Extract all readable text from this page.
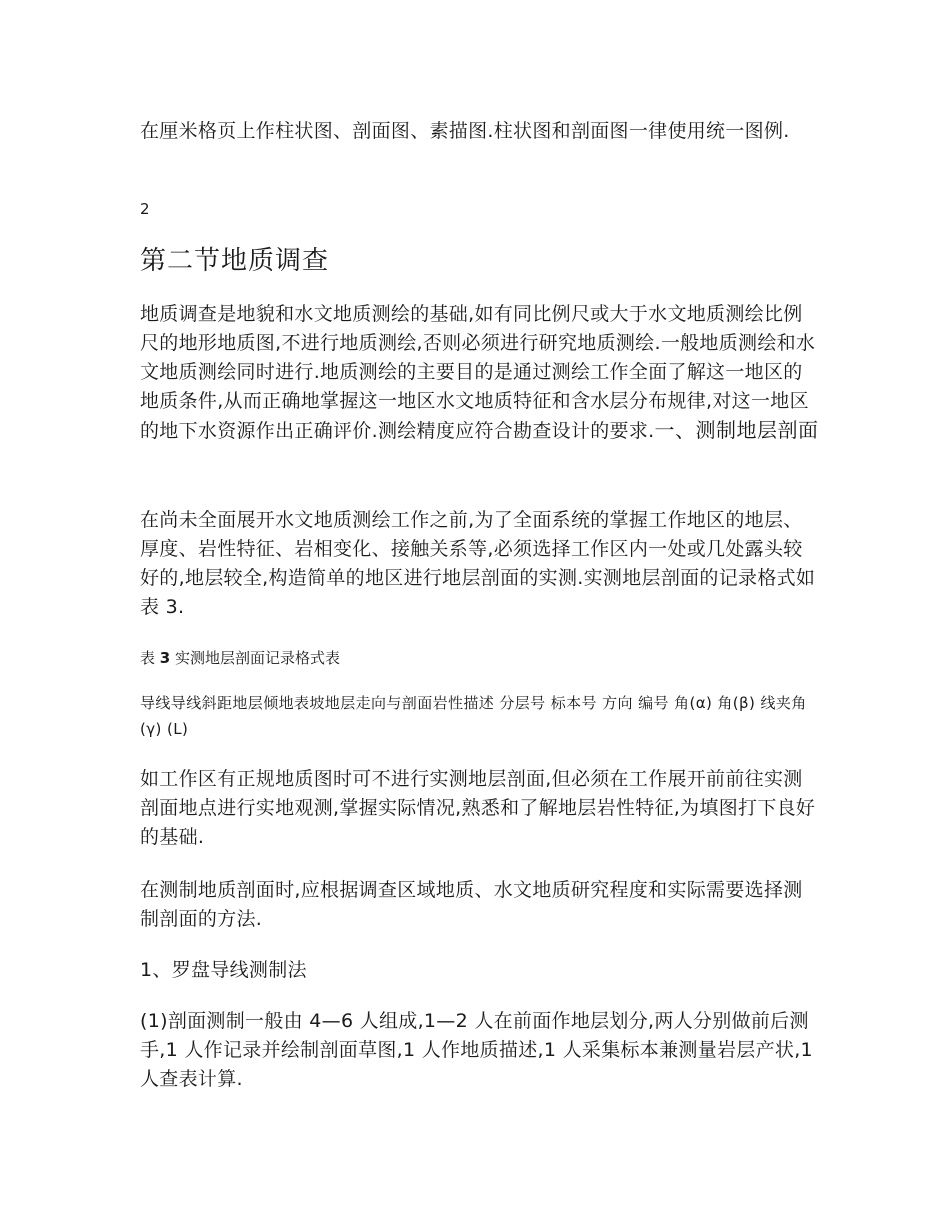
在厘米格页上作柱状图、剖面图、素描图.柱状图和剖面图一律使用统一图例.

2

第二节地质调查

地质调查是地貌和水文地质测绘的基础,如有同比例尺或大于水文地质测绘比例尺的地形地质图,不进行地质测绘,否则必须进行研究地质测绘.一般地质测绘和水文地质测绘同时进行.地质测绘的主要目的是通过测绘工作全面了解这一地区的地质条件,从而正确地掌握这一地区水文地质特征和含水层分布规律,对这一地区的地下水资源作出正确评价.测绘精度应符合勘查设计的要求.一、测制地层剖面

在尚未全面展开水文地质测绘工作之前,为了全面系统的掌握工作地区的地层、厚度、岩性特征、岩相变化、接触关系等,必须选择工作区内一处或几处露头较好的,地层较全,构造简单的地区进行地层剖面的实测.实测地层剖面的记录格式如表 3.

表 3 实测地层剖面记录格式表

导线导线斜距地层倾地表坡地层走向与剖面岩性描述 分层号 标本号 方向 编号 角(α) 角(β) 线夹角(γ) (L)

如工作区有正规地质图时可不进行实测地层剖面,但必须在工作展开前前往实测剖面地点进行实地观测,掌握实际情况,熟悉和了解地层岩性特征,为填图打下良好的基础.

在测制地质剖面时,应根据调查区域地质、水文地质研究程度和实际需要选择测制剖面的方法.

1、罗盘导线测制法

(1)剖面测制一般由 4—6 人组成,1—2 人在前面作地层划分,两人分别做前后测手,1 人作记录并绘制剖面草图,1 人作地质描述,1 人采集标本兼测量岩层产状,1 人查表计算.
